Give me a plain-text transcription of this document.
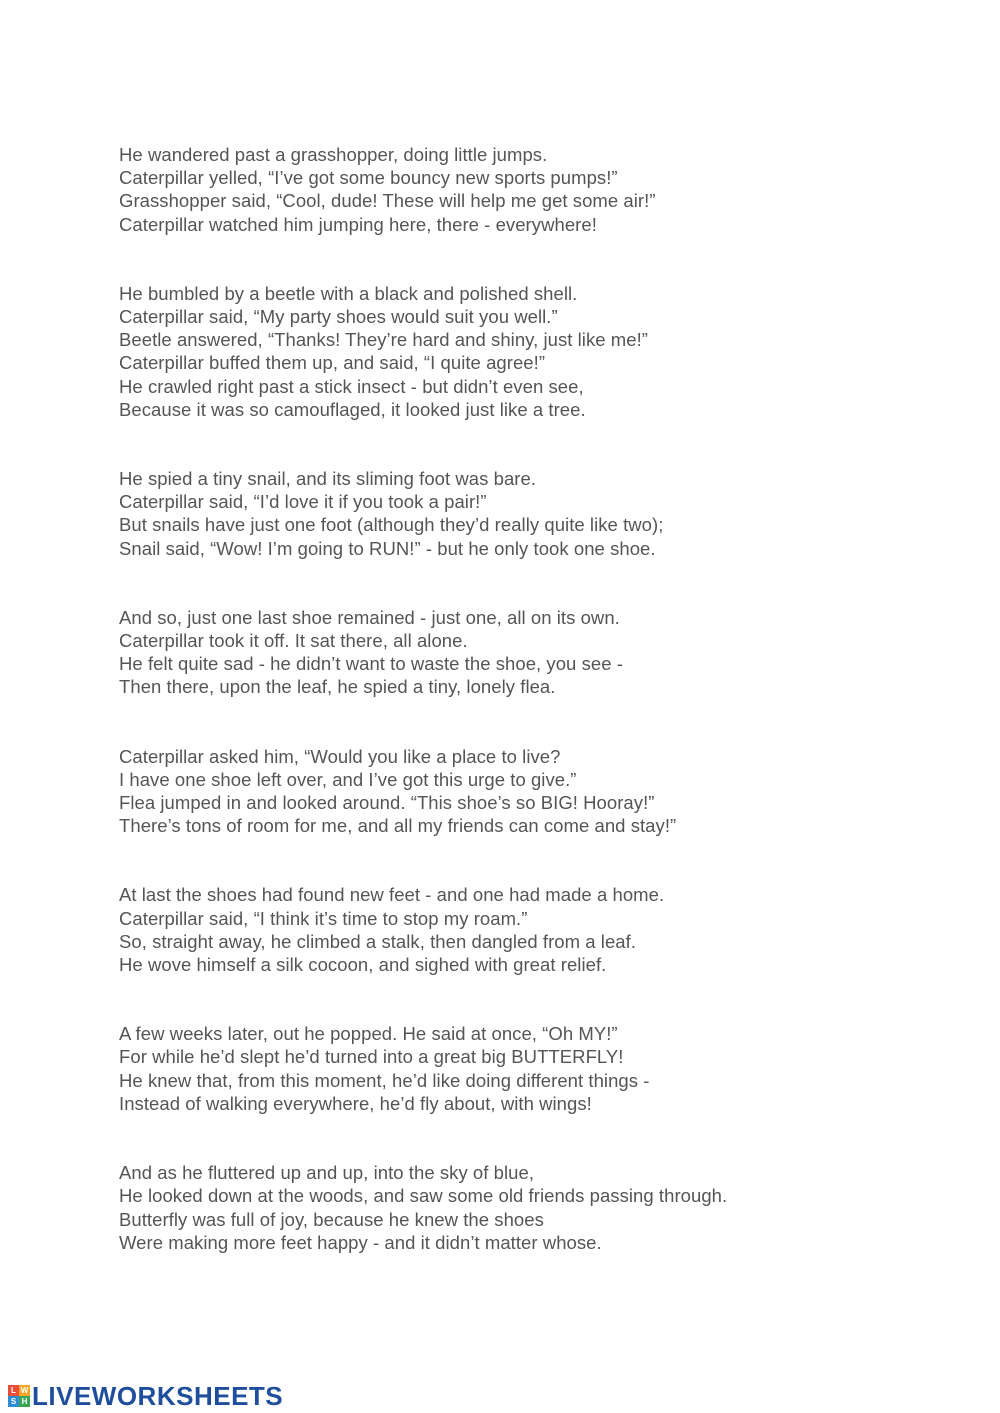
He wandered past a grasshopper, doing little jumps.
Caterpillar yelled, “I’ve got some bouncy new sports pumps!”
Grasshopper said, “Cool, dude! These will help me get some air!”
Caterpillar watched him jumping here, there - everywhere!
He bumbled by a beetle with a black and polished shell.
Caterpillar said, “My party shoes would suit you well.”
Beetle answered, “Thanks! They’re hard and shiny, just like me!”
Caterpillar buffed them up, and said, “I quite agree!”
He crawled right past a stick insect - but didn’t even see,
Because it was so camouflaged, it looked just like a tree.
He spied a tiny snail, and its sliming foot was bare.
Caterpillar said, “I’d love it if you took a pair!”
But snails have just one foot (although they’d really quite like two);
Snail said, “Wow! I’m going to RUN!” - but he only took one shoe.
And so, just one last shoe remained - just one, all on its own.
Caterpillar took it off. It sat there, all alone.
He felt quite sad - he didn’t want to waste the shoe, you see -
Then there, upon the leaf, he spied a tiny, lonely flea.
Caterpillar asked him, “Would you like a place to live?
I have one shoe left over, and I’ve got this urge to give.”
Flea jumped in and looked around. “This shoe’s so BIG! Hooray!”
There’s tons of room for me, and all my friends can come and stay!”
At last the shoes had found new feet - and one had made a home.
Caterpillar said, “I think it’s time to stop my roam.”
So, straight away, he climbed a stalk, then dangled from a leaf.
He wove himself a silk cocoon, and sighed with great relief.
A few weeks later, out he popped. He said at once, “Oh MY!”
For while he’d slept he’d turned into a great big BUTTERFLY!
He knew that, from this moment, he’d like doing different things -
Instead of walking everywhere, he’d fly about, with wings!
And as he fluttered up and up, into the sky of blue,
He looked down at the woods, and saw some old friends passing through.
Butterfly was full of joy, because he knew the shoes
Were making more feet happy - and it didn’t matter whose.
L W
S H LIVEWORKSHEETS
